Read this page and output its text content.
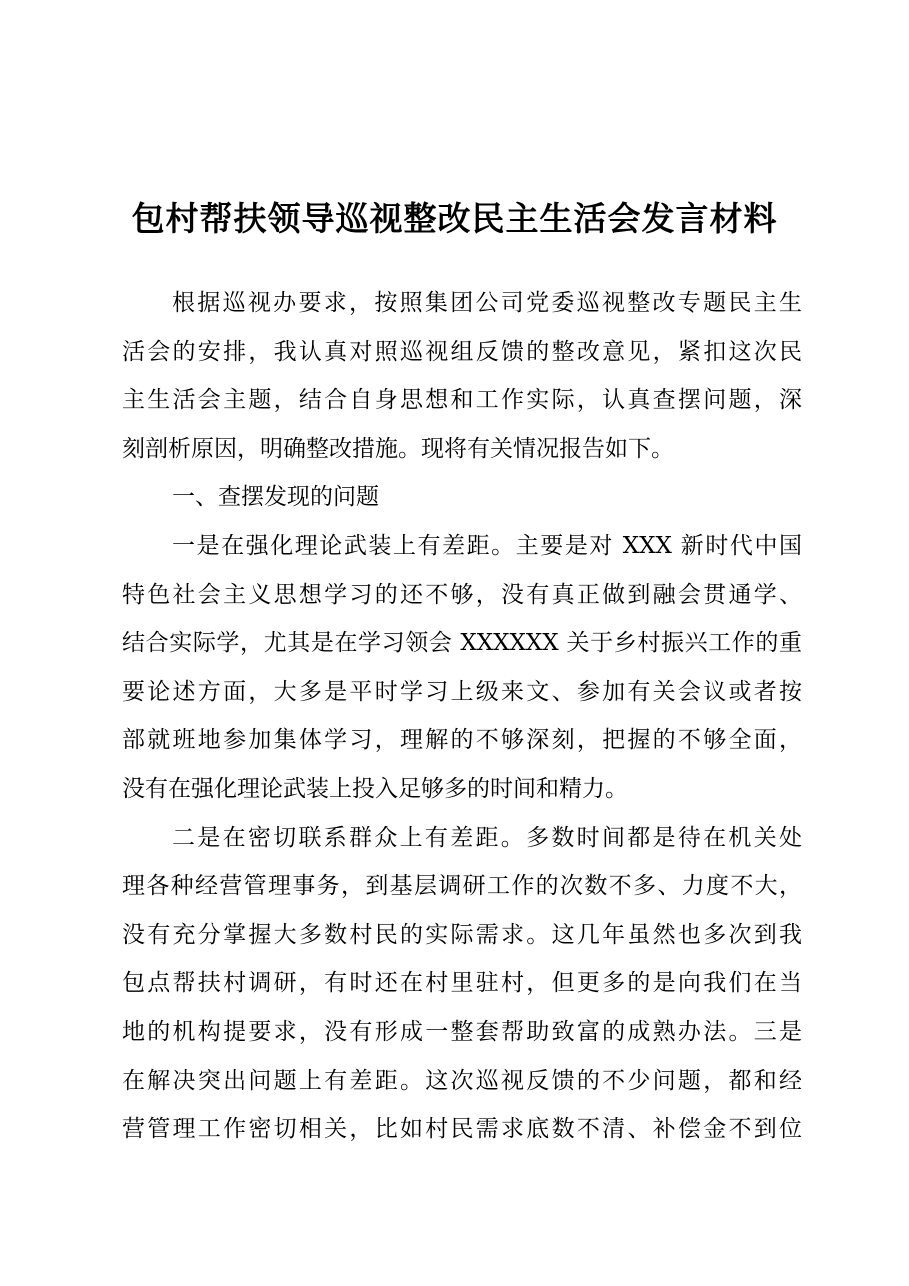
包村帮扶领导巡视整改民主生活会发言材料
根据巡视办要求，按照集团公司党委巡视整改专题民主生
活会的安排，我认真对照巡视组反馈的整改意见，紧扣这次民
主生活会主题，结合自身思想和工作实际，认真查摆问题，深
刻剖析原因，明确整改措施。现将有关情况报告如下。
一、查摆发现的问题
一是在强化理论武装上有差距。主要是对 XXX 新时代中国
特色社会主义思想学习的还不够，没有真正做到融会贯通学、
结合实际学，尤其是在学习领会 XXXXXX 关于乡村振兴工作的重
要论述方面，大多是平时学习上级来文、参加有关会议或者按
部就班地参加集体学习，理解的不够深刻，把握的不够全面，
没有在强化理论武装上投入足够多的时间和精力。
二是在密切联系群众上有差距。多数时间都是待在机关处
理各种经营管理事务，到基层调研工作的次数不多、力度不大，
没有充分掌握大多数村民的实际需求。这几年虽然也多次到我
包点帮扶村调研，有时还在村里驻村，但更多的是向我们在当
地的机构提要求，没有形成一整套帮助致富的成熟办法。三是
在解决突出问题上有差距。这次巡视反馈的不少问题，都和经
营管理工作密切相关，比如村民需求底数不清、补偿金不到位
